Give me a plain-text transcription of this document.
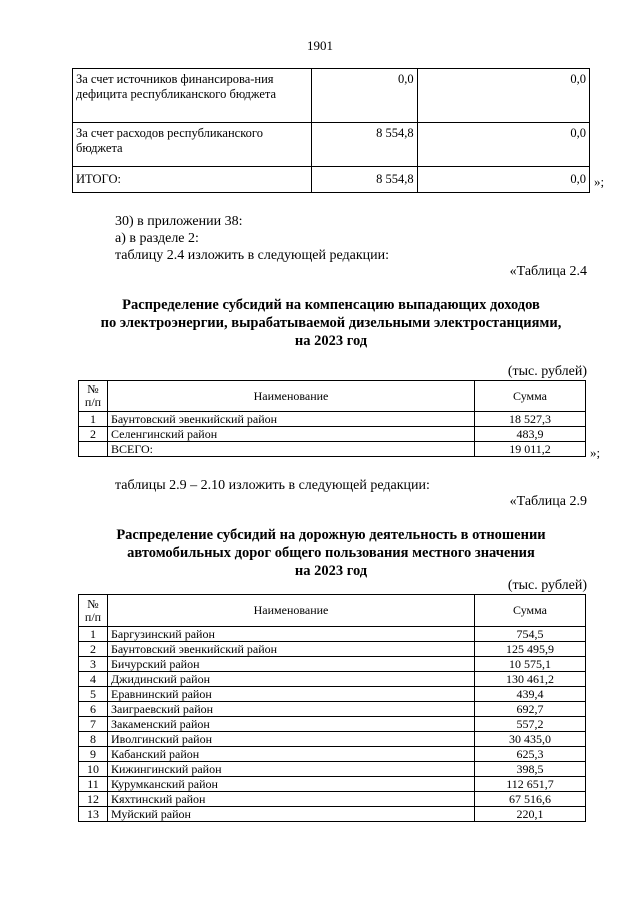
1901
За счет источников финансирова-ния дефицита республиканского бюджета	0,0	0,0
За счет расходов республиканского бюджета	8 554,8	0,0
ИТОГО:	8 554,8	0,0 »;
30) в приложении 38:
а) в разделе 2:
таблицу 2.4 изложить в следующей редакции:
«Таблица 2.4
Распределение субсидий на компенсацию выпадающих доходов
по электроэнергии, вырабатываемой дизельными электростанциями,
на 2023 год
(тыс. рублей)
№ п/п	Наименование	Сумма
1	Баунтовский эвенкийский район	18 527,3
2	Селенгинский район	483,9
	ВСЕГО:	19 011,2	»;
таблицы 2.9 – 2.10 изложить в следующей редакции:
«Таблица 2.9
Распределение субсидий на дорожную деятельность в отношении
автомобильных дорог общего пользования местного значения
на 2023 год
(тыс. рублей)
№ п/п	Наименование	Сумма
1	Баргузинский район	754,5
2	Баунтовский эвенкийский район	125 495,9
3	Бичурский район	10 575,1
4	Джидинский район	130 461,2
5	Еравнинский район	439,4
6	Заиграевский район	692,7
7	Закаменский район	557,2
8	Иволгинский район	30 435,0
9	Кабанский район	625,3
10	Кижингинский район	398,5
11	Курумканский район	112 651,7
12	Кяхтинский район	67 516,6
13	Муйский район	220,1
